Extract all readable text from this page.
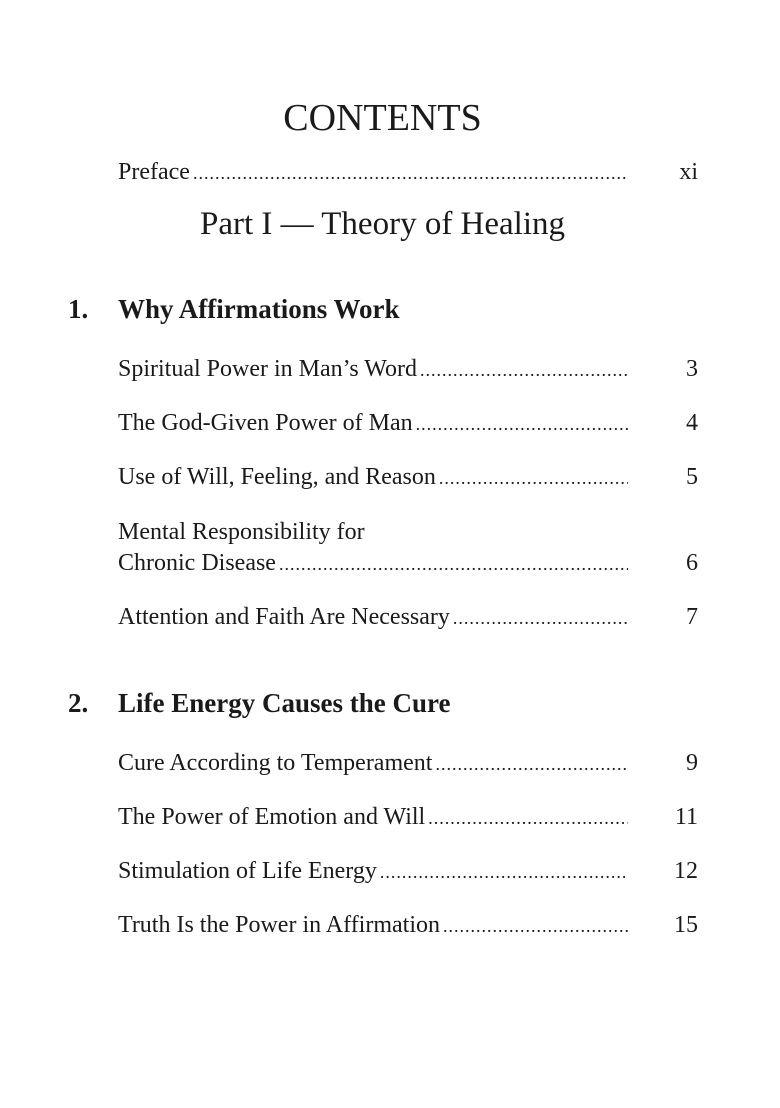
CONTENTS
Preface .....	xi
Part I — Theory of Healing
1. Why Affirmations Work
Spiritual Power in Man’s Word .....	3
The God-Given Power of Man .....	4
Use of Will, Feeling, and Reason .....	5
Mental Responsibility for
Chronic Disease .....	6
Attention and Faith Are Necessary .....	7
2. Life Energy Causes the Cure
Cure According to Temperament .....	9
The Power of Emotion and Will .....	11
Stimulation of Life Energy .....	12
Truth Is the Power in Affirmation .....	15
